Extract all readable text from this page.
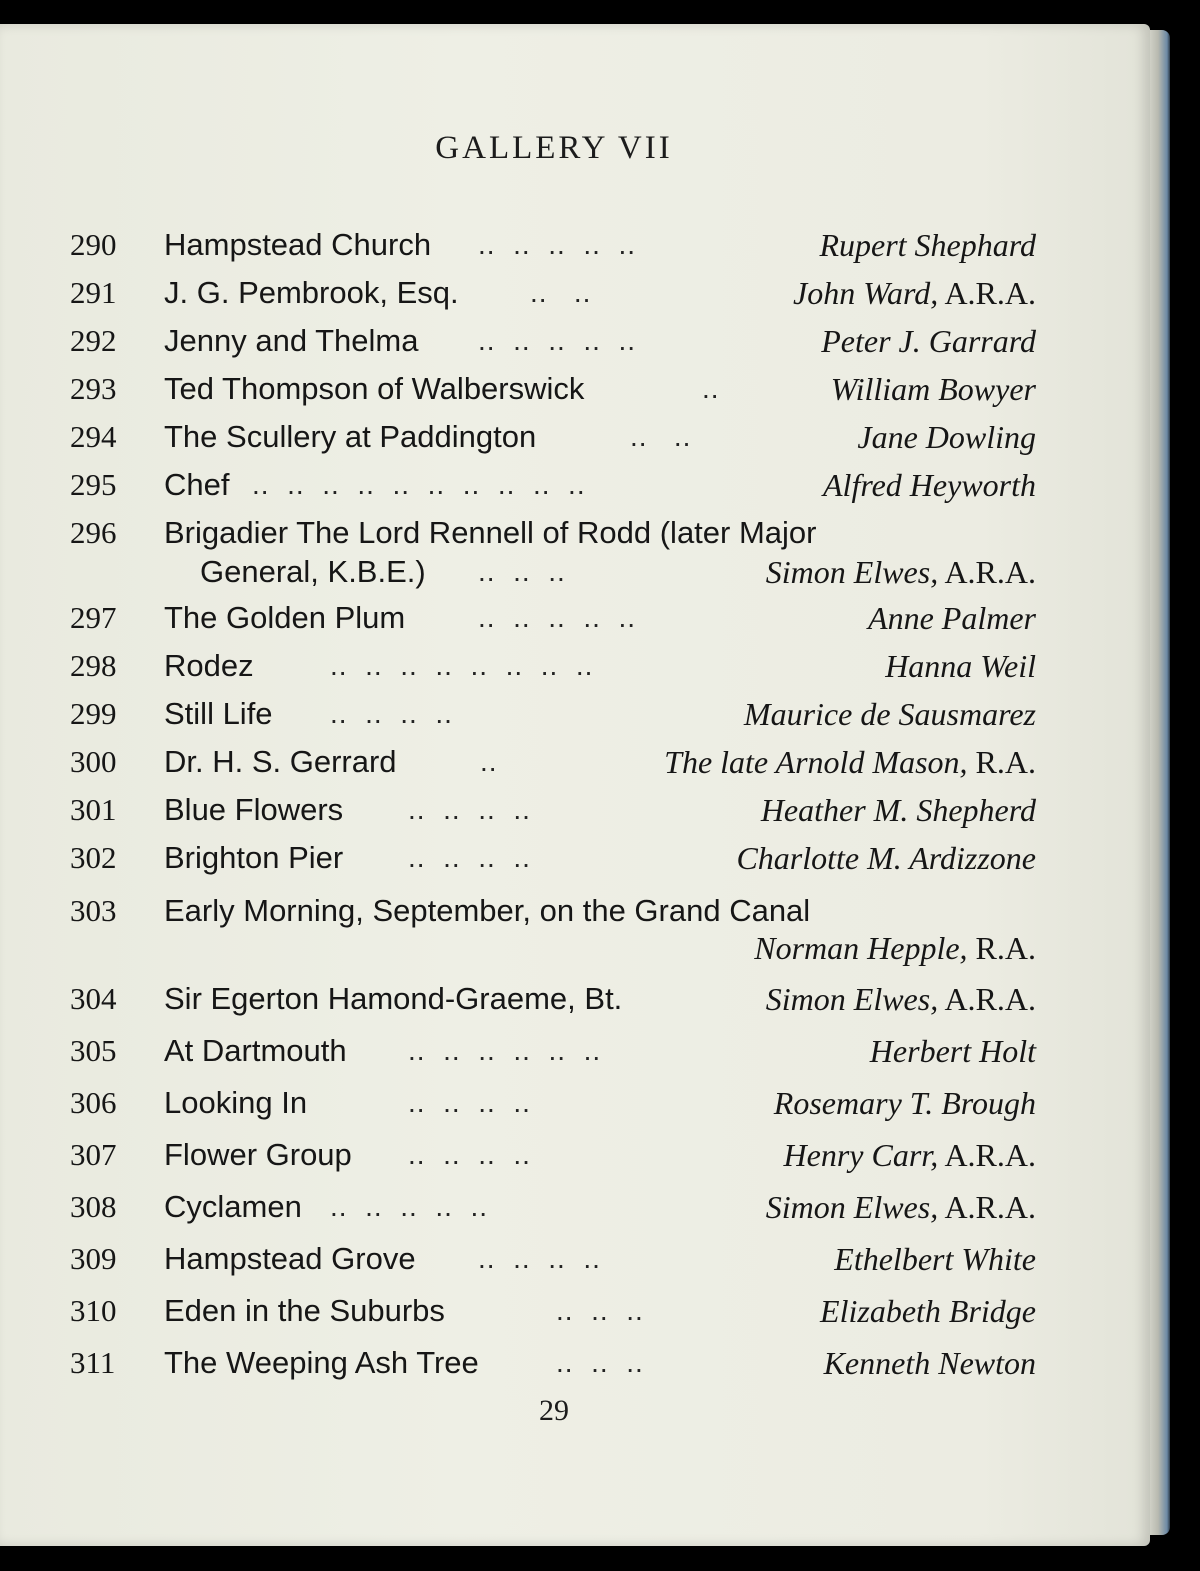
GALLERY VII
290 Hampstead Church ..  ..  ..  ..  ..	Rupert Shephard
291 J. G. Pembrook, Esq.	..   ..	John Ward, A.R.A.
292 Jenny and Thelma ..  ..  ..  ..  ..	Peter J. Garrard
293 Ted Thompson of Walberswick	..	William Bowyer
294 The Scullery at Paddington	..   ..	Jane Dowling
295 Chef ..  ..  ..  ..  ..  ..  ..  ..  ..  ..	Alfred Heyworth
296 Brigadier The Lord Rennell of Rodd (later Major
General, K.B.E.) ..  ..  ..	Simon Elwes, A.R.A.
297 The Golden Plum	..  ..  ..  ..  ..	Anne Palmer
298 Rodez	..  ..  ..  ..  ..  ..  ..  ..	Hanna Weil
299 Still Life ..  ..  ..  ..	Maurice de Sausmarez
300 Dr. H. S. Gerrard	..	The late Arnold Mason, R.A.
301 Blue Flowers ..  ..  ..  ..	Heather M. Shepherd
302 Brighton Pier ..  ..  ..  ..	Charlotte M. Ardizzone
303 Early Morning, September, on the Grand Canal
Norman Hepple, R.A.
304 Sir Egerton Hamond-Graeme, Bt.	Simon Elwes, A.R.A.
305 At Dartmouth ..  ..  ..  ..  ..  ..	Herbert Holt
306 Looking In	..  ..  ..  ..	Rosemary T. Brough
307 Flower Group ..  ..  ..  ..	Henry Carr, A.R.A.
308 Cyclamen ..  ..  ..  ..  ..	Simon Elwes, A.R.A.
309 Hampstead Grove ..  ..  ..  ..	Ethelbert White
310 Eden in the Suburbs	..  ..  ..	Elizabeth Bridge
311 The Weeping Ash Tree	..  ..  ..	Kenneth Newton
29
